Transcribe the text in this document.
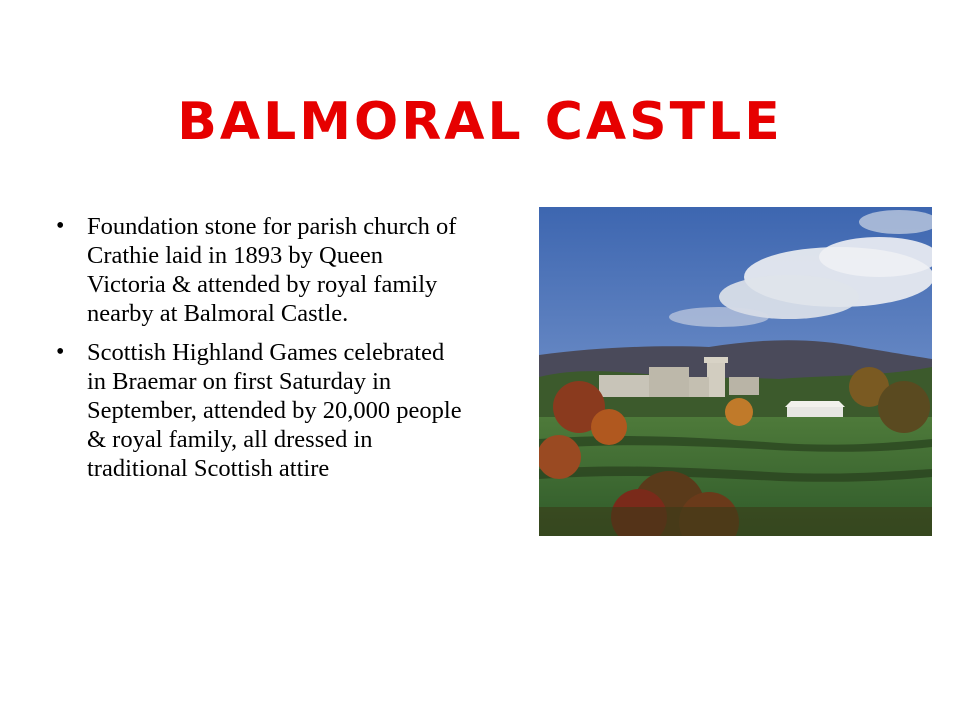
BALMORAL CASTLE
• Foundation stone for parish church of Crathie laid in 1893 by Queen Victoria & attended by royal family nearby at Balmoral Castle.
• Scottish Highland Games celebrated in Braemar on first Saturday in September, attended by 20,000 people & royal family, all dressed in traditional Scottish attire
